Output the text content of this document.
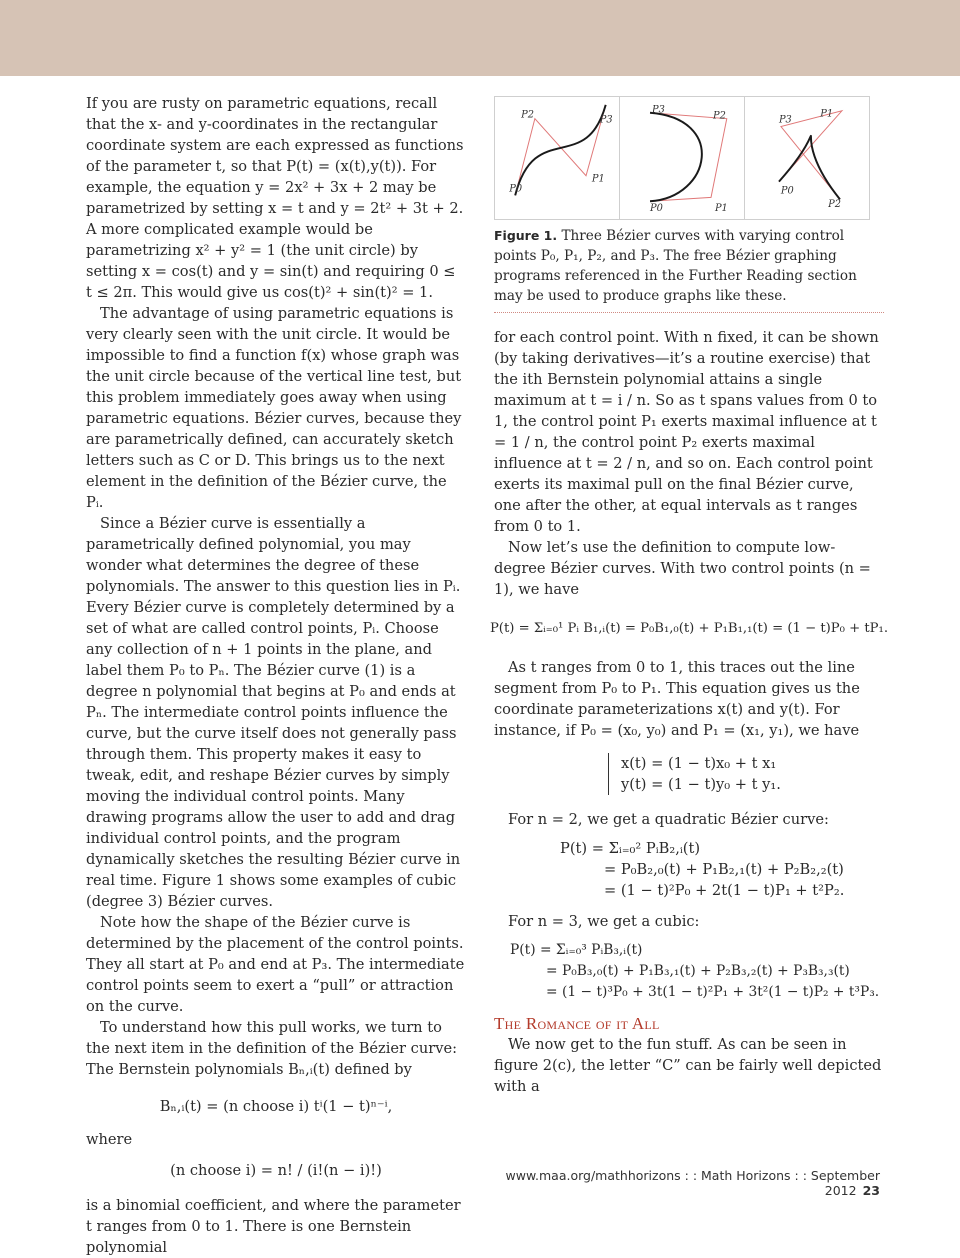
If you are rusty on parametric equations, recall that the x- and y-coordinates in the rectangular coordinate system are each expressed as functions of the parameter t, so that P(t) = (x(t),y(t)). For example, the equation y = 2x² + 3x + 2 may be parametrized by setting x = t and y = 2t² + 3t + 2. A more complicated example would be parametrizing x² + y² = 1 (the unit circle) by setting x = cos(t) and y = sin(t) and requiring 0 ≤ t ≤ 2π. This would give us cos(t)² + sin(t)² = 1.

The advantage of using parametric equations is very clearly seen with the unit circle. It would be impossible to find a function f(x) whose graph was the unit circle because of the vertical line test, but this problem immediately goes away when using parametric equations. Bézier curves, because they are parametrically defined, can accurately sketch letters such as C or D. This brings us to the next element in the definition of the Bézier curve, the Pᵢ.

Since a Bézier curve is essentially a parametrically defined polynomial, you may wonder what determines the degree of these polynomials. The answer to this question lies in Pᵢ. Every Bézier curve is completely determined by a set of what are called control points, Pᵢ. Choose any collection of n + 1 points in the plane, and label them P₀ to Pₙ. The Bézier curve (1) is a degree n polynomial that begins at P₀ and ends at Pₙ. The intermediate control points influence the curve, but the curve itself does not generally pass through them. This property makes it easy to tweak, edit, and reshape Bézier curves by simply moving the individual control points. Many drawing programs allow the user to add and drag individual control points, and the program dynamically sketches the resulting Bézier curve in real time. Figure 1 shows some examples of cubic (degree 3) Bézier curves.

Note how the shape of the Bézier curve is determined by the placement of the control points. They all start at P₀ and end at P₃. The intermediate control points seem to exert a “pull” or attraction on the curve.

To understand how this pull works, we turn to the next item in the definition of the Bézier curve: The Bernstein polynomials Bₙ,ᵢ(t) defined by

Bₙ,ᵢ(t) = (n choose i) tⁱ(1 − t)ⁿ⁻ⁱ,

where

(n choose i) = n! / (i!(n − i)!)

is a binomial coefficient, and where the parameter t ranges from 0 to 1. There is one Bernstein polynomial

P2	P3
P1
P0
P3
P2
P0	P1
P3
P1
P0
P2
Figure 1. Three Bézier curves with varying control points P₀, P₁, P₂, and P₃. The free Bézier graphing programs referenced in the Further Reading section may be used to produce graphs like these.

for each control point. With n fixed, it can be shown (by taking derivatives—it’s a routine exercise) that the ith Bernstein polynomial attains a single maximum at t = i / n. So as t spans values from 0 to 1, the control point P₁ exerts maximal influence at t = 1 / n, the control point P₂ exerts maximal influence at t = 2 / n, and so on. Each control point exerts its maximal pull on the final Bézier curve, one after the other, at equal intervals as t ranges from 0 to 1.

Now let’s use the definition to compute low-degree Bézier curves. With two control points (n = 1), we have

P(t) = Σᵢ₌₀¹ Pᵢ B₁,ᵢ(t) = P₀B₁,₀(t) + P₁B₁,₁(t) = (1 − t)P₀ + tP₁.

As t ranges from 0 to 1, this traces out the line segment from P₀ to P₁. This equation gives us the coordinate parameterizations x(t) and y(t). For instance, if P₀ = (x₀, y₀) and P₁ = (x₁, y₁), we have

x(t) = (1 − t)x₀ + t x₁
y(t) = (1 − t)y₀ + t y₁.

For n = 2, we get a quadratic Bézier curve:

P(t) = Σᵢ₌₀² PᵢB₂,ᵢ(t)
= P₀B₂,₀(t) + P₁B₂,₁(t) + P₂B₂,₂(t)
= (1 − t)²P₀ + 2t(1 − t)P₁ + t²P₂.

For n = 3, we get a cubic:

P(t) = Σᵢ₌₀³ PᵢB₃,ᵢ(t)
= P₀B₃,₀(t) + P₁B₃,₁(t) + P₂B₃,₂(t) + P₃B₃,₃(t)
= (1 − t)³P₀ + 3t(1 − t)²P₁ + 3t²(1 − t)P₂ + t³P₃.
The Romance of it All

We now get to the fun stuff. As can be seen in figure 2(c), the letter “C” can be fairly well depicted with a

www.maa.org/mathhorizons : : Math Horizons : : September 2012 23
